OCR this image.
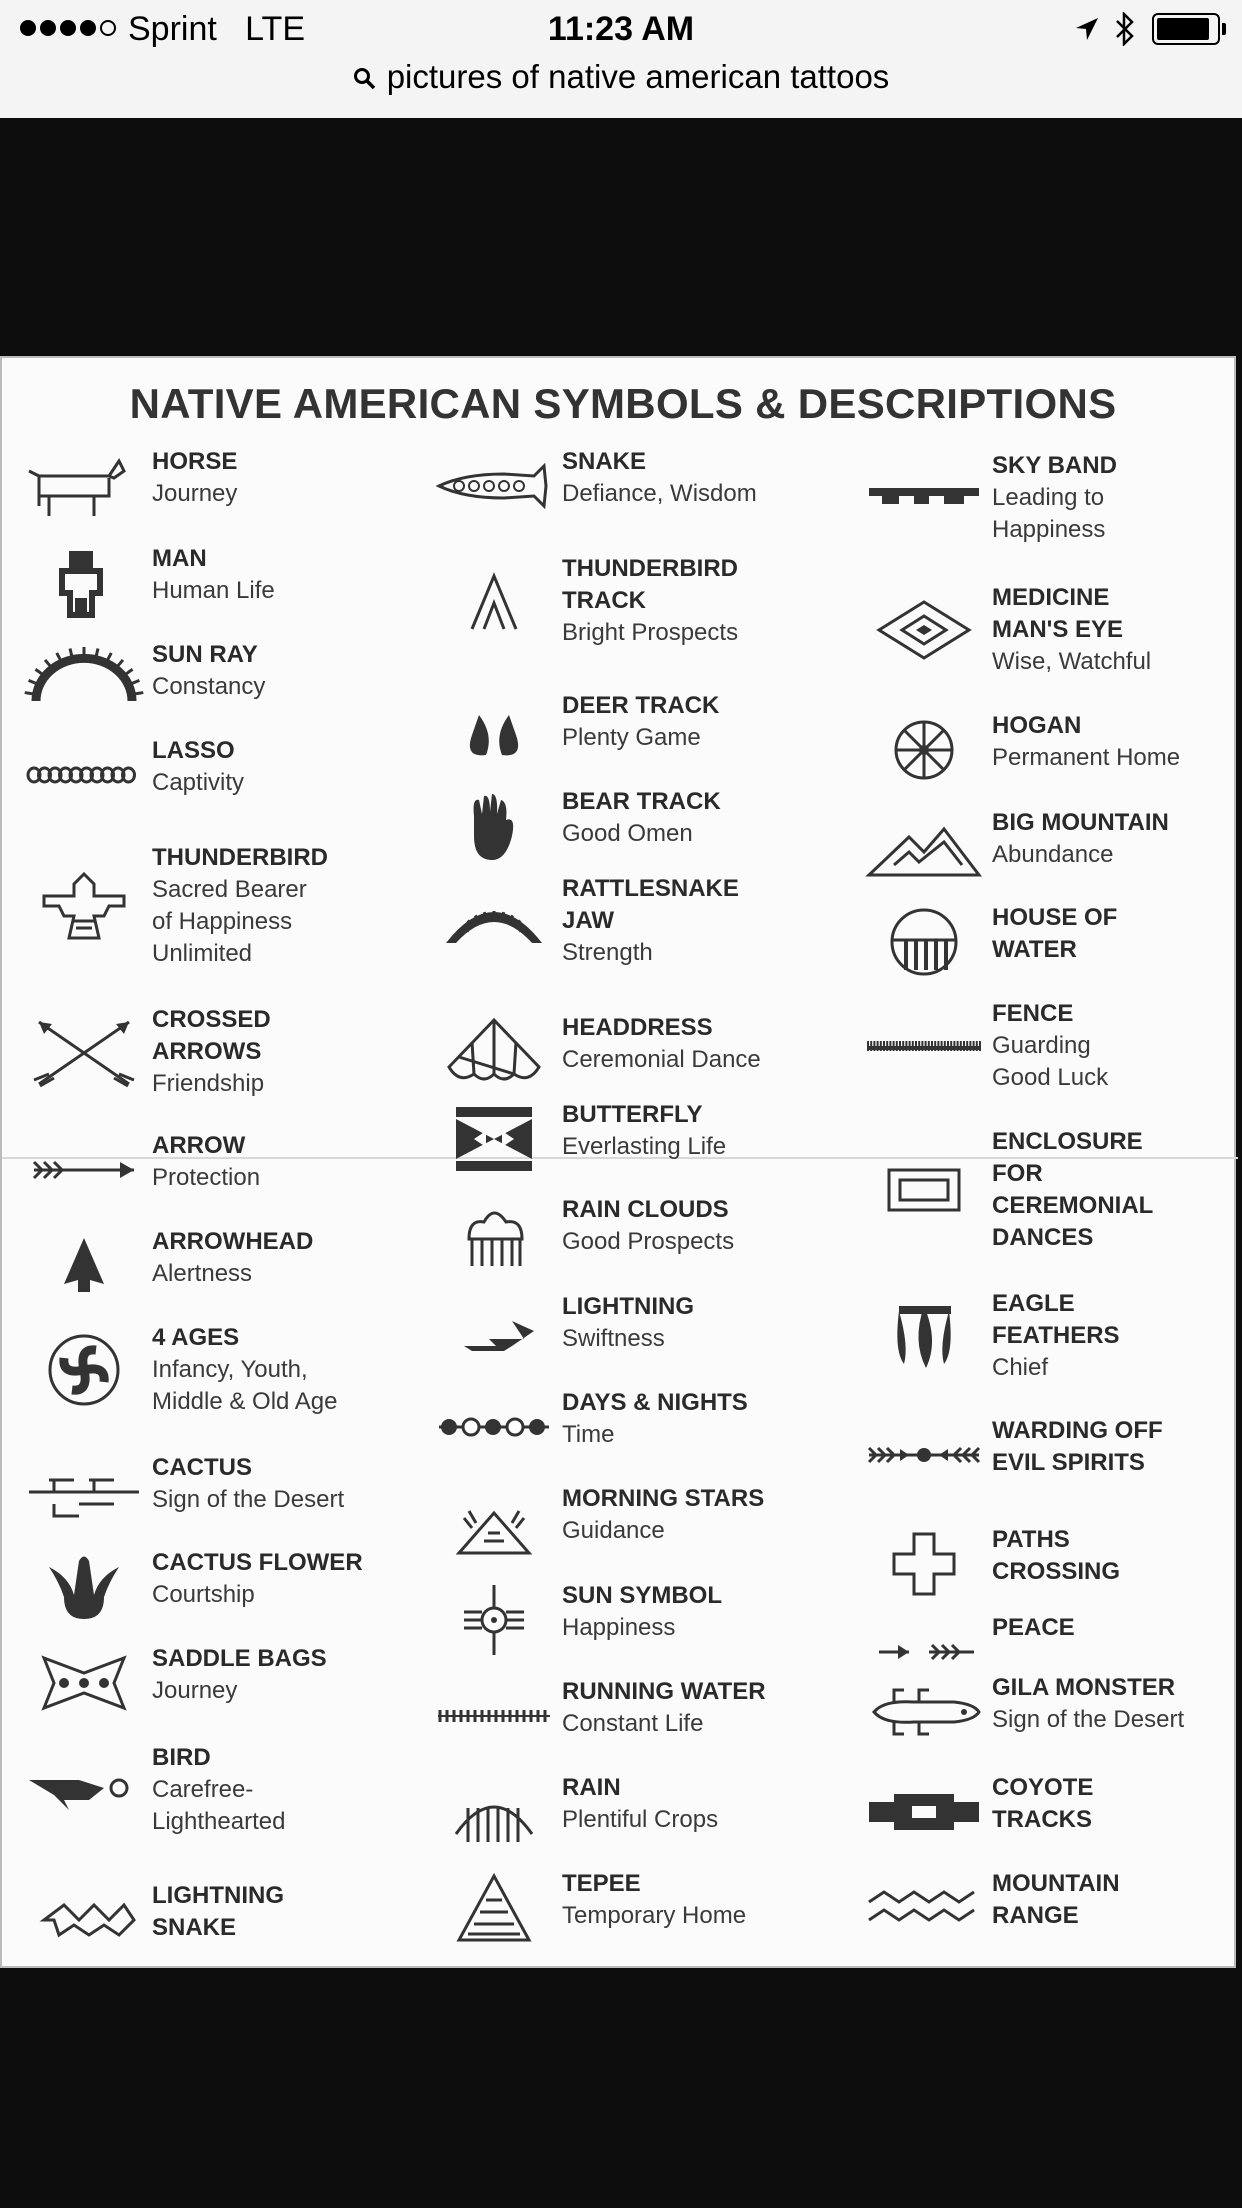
Sprint LTE	11:23 AM
pictures of native american tattoos
NATIVE AMERICAN SYMBOLS & DESCRIPTIONS
HORSE
Journey
MAN
Human Life
SUN RAY
Constancy
LASSO
Captivity
THUNDERBIRD
Sacred Bearer
of Happiness
Unlimited
CROSSED
ARROWS
Friendship
ARROW
Protection
ARROWHEAD
Alertness
4 AGES
Infancy, Youth,
Middle & Old Age
CACTUS
Sign of the Desert
CACTUS FLOWER
Courtship
SADDLE BAGS
Journey
BIRD
Carefree-
Lighthearted
LIGHTNING
SNAKE
SNAKE
Defiance, Wisdom
THUNDERBIRD
TRACK
Bright Prospects
DEER TRACK
Plenty Game
BEAR TRACK
Good Omen
RATTLESNAKE
JAW
Strength
HEADDRESS
Ceremonial Dance
BUTTERFLY
Everlasting Life
RAIN CLOUDS
Good Prospects
LIGHTNING
Swiftness
DAYS & NIGHTS
Time
MORNING STARS
Guidance
SUN SYMBOL
Happiness
RUNNING WATER
Constant Life
RAIN
Plentiful Crops
TEPEE
Temporary Home
SKY BAND
Leading to
Happiness
MEDICINE
MAN'S EYE
Wise, Watchful
HOGAN
Permanent Home
BIG MOUNTAIN
Abundance
HOUSE OF
WATER
FENCE
Guarding
Good Luck
ENCLOSURE
FOR
CEREMONIAL
DANCES
EAGLE
FEATHERS
Chief
WARDING OFF
EVIL SPIRITS
PATHS
CROSSING
PEACE
GILA MONSTER
Sign of the Desert
COYOTE
TRACKS
MOUNTAIN
RANGE
